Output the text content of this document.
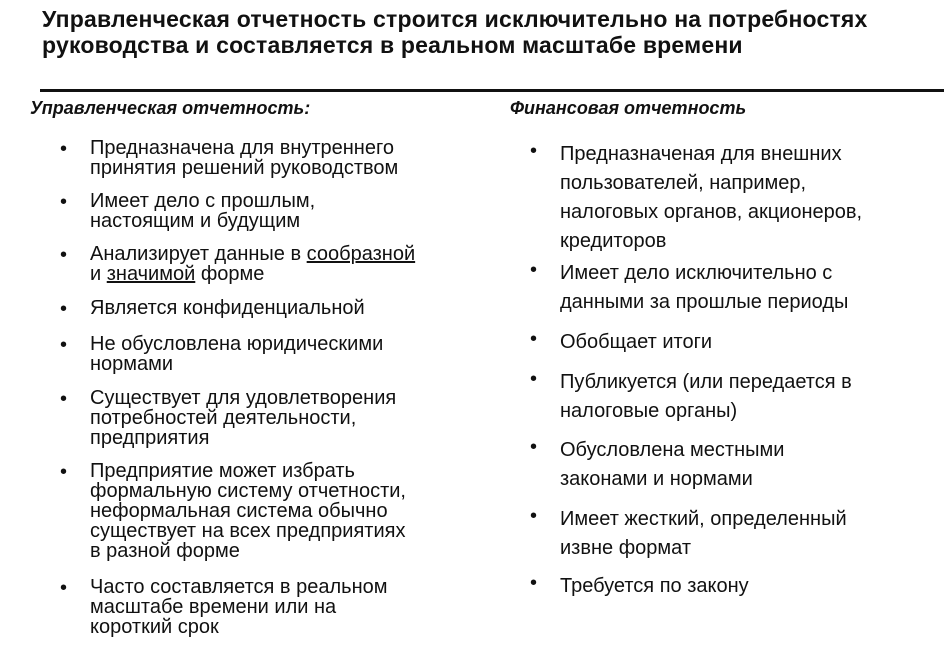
Управленческая отчетность строится исключительно на потребностях руководства и составляется в реальном масштабе времени
Управленческая отчетность:	Финансовая отчетность
• Предназначена для внутреннего
принятия решений руководством
• Имеет дело с прошлым,
настоящим и будущим
• Анализирует данные в сообразной
и значимой форме
• Является конфиденциальной
• Не обусловлена юридическими
нормами
• Существует для удовлетворения
потребностей деятельности,
предприятия
• Предприятие может избрать
формальную систему отчетности,
неформальная система обычно
существует на всех предприятиях
в разной форме
• Часто составляется в реальном
масштабе времени или на
короткий срок
• Предназначеная для внешних
пользователей, например,
налоговых органов, акционеров,
кредиторов
• Имеет дело исключительно с
данными за прошлые периоды
• Обобщает итоги
• Публикуется (или передается в
налоговые органы)
• Обусловлена местными
законами и нормами
• Имеет жесткий, определенный
извне формат
• Требуется по закону
